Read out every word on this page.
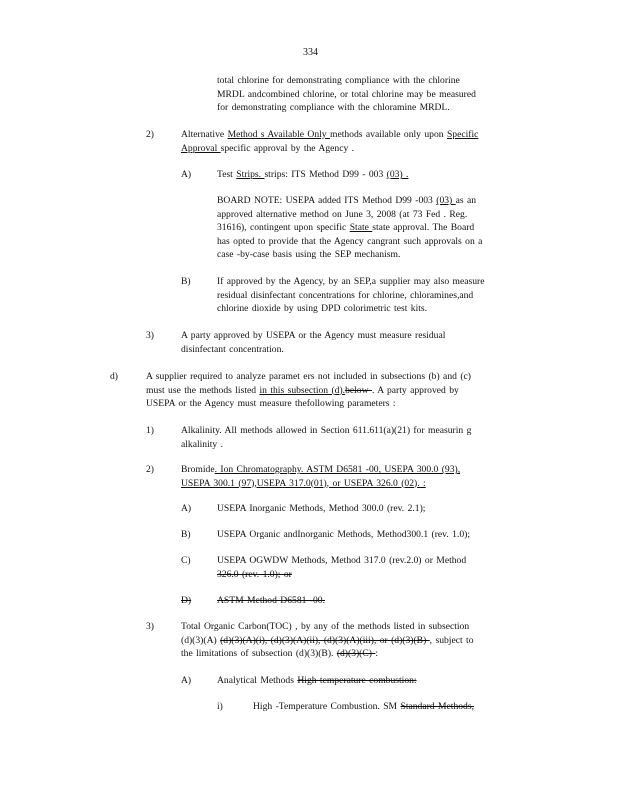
334
total chlorine for demonstrating compliance with the chlorine
MRDL andcombined chlorine, or total chlorine may be measured
for demonstrating compliance with the chloramine MRDL.
2)	Alternative Method s Available Only methods available only upon Specific
Approval specific approval by the Agency .
A)	Test Strips. strips: ITS Method D99 - 003 (03) .
BOARD NOTE: USEPA added ITS Method D99 -003 (03) as an
approved alternative method on June 3, 2008 (at 73 Fed . Reg.
31616), contingent upon specific State state approval. The Board
has opted to provide that the Agency cangrant such approvals on a
case -by-case basis using the SEP mechanism.
B)	If approved by the Agency, by an SEP,a supplier may also measure
residual disinfectant concentrations for chlorine, chloramines,and
chlorine dioxide by using DPD colorimetric test kits.
3)	A party approved by USEPA or the Agency must measure residual
disinfectant concentration.
d)	A supplier required to analyze paramet ers not included in subsections (b) and (c)
must use the methods listed in this subsection (d).below . A party approved by
USEPA or the Agency must measure thefollowing parameters :
1)	Alkalinity. All methods allowed in Section 611.611(a)(21) for measurin g
alkalinity .
2)	Bromide. Ion Chromatography. ASTM D6581 -00, USEPA 300.0 (93),
USEPA 300.1 (97),USEPA 317.0(01), or USEPA 326.0 (02). :
A)	USEPA Inorganic Methods, Method 300.0 (rev. 2.1);
B)	USEPA Organic andInorganic Methods, Method300.1 (rev. 1.0);
C)	USEPA OGWDW Methods, Method 317.0 (rev.2.0) or Method
326.0 (rev. 1.0); or
D)	ASTM Method D6581 -00.
3)	Total Organic Carbon(TOC) , by any of the methods listed in subsection
(d)(3)(A) (d)(3)(A)(i), (d)(3)(A)(ii), (d)(3)(A)(iii), or (d)(3)(B) , subject to
the limitations of subsection (d)(3)(B). (d)(3)(C) :
A)	Analytical Methods High temperature combustion:
i)	High -Temperature Combustion. SM Standard Methods,
